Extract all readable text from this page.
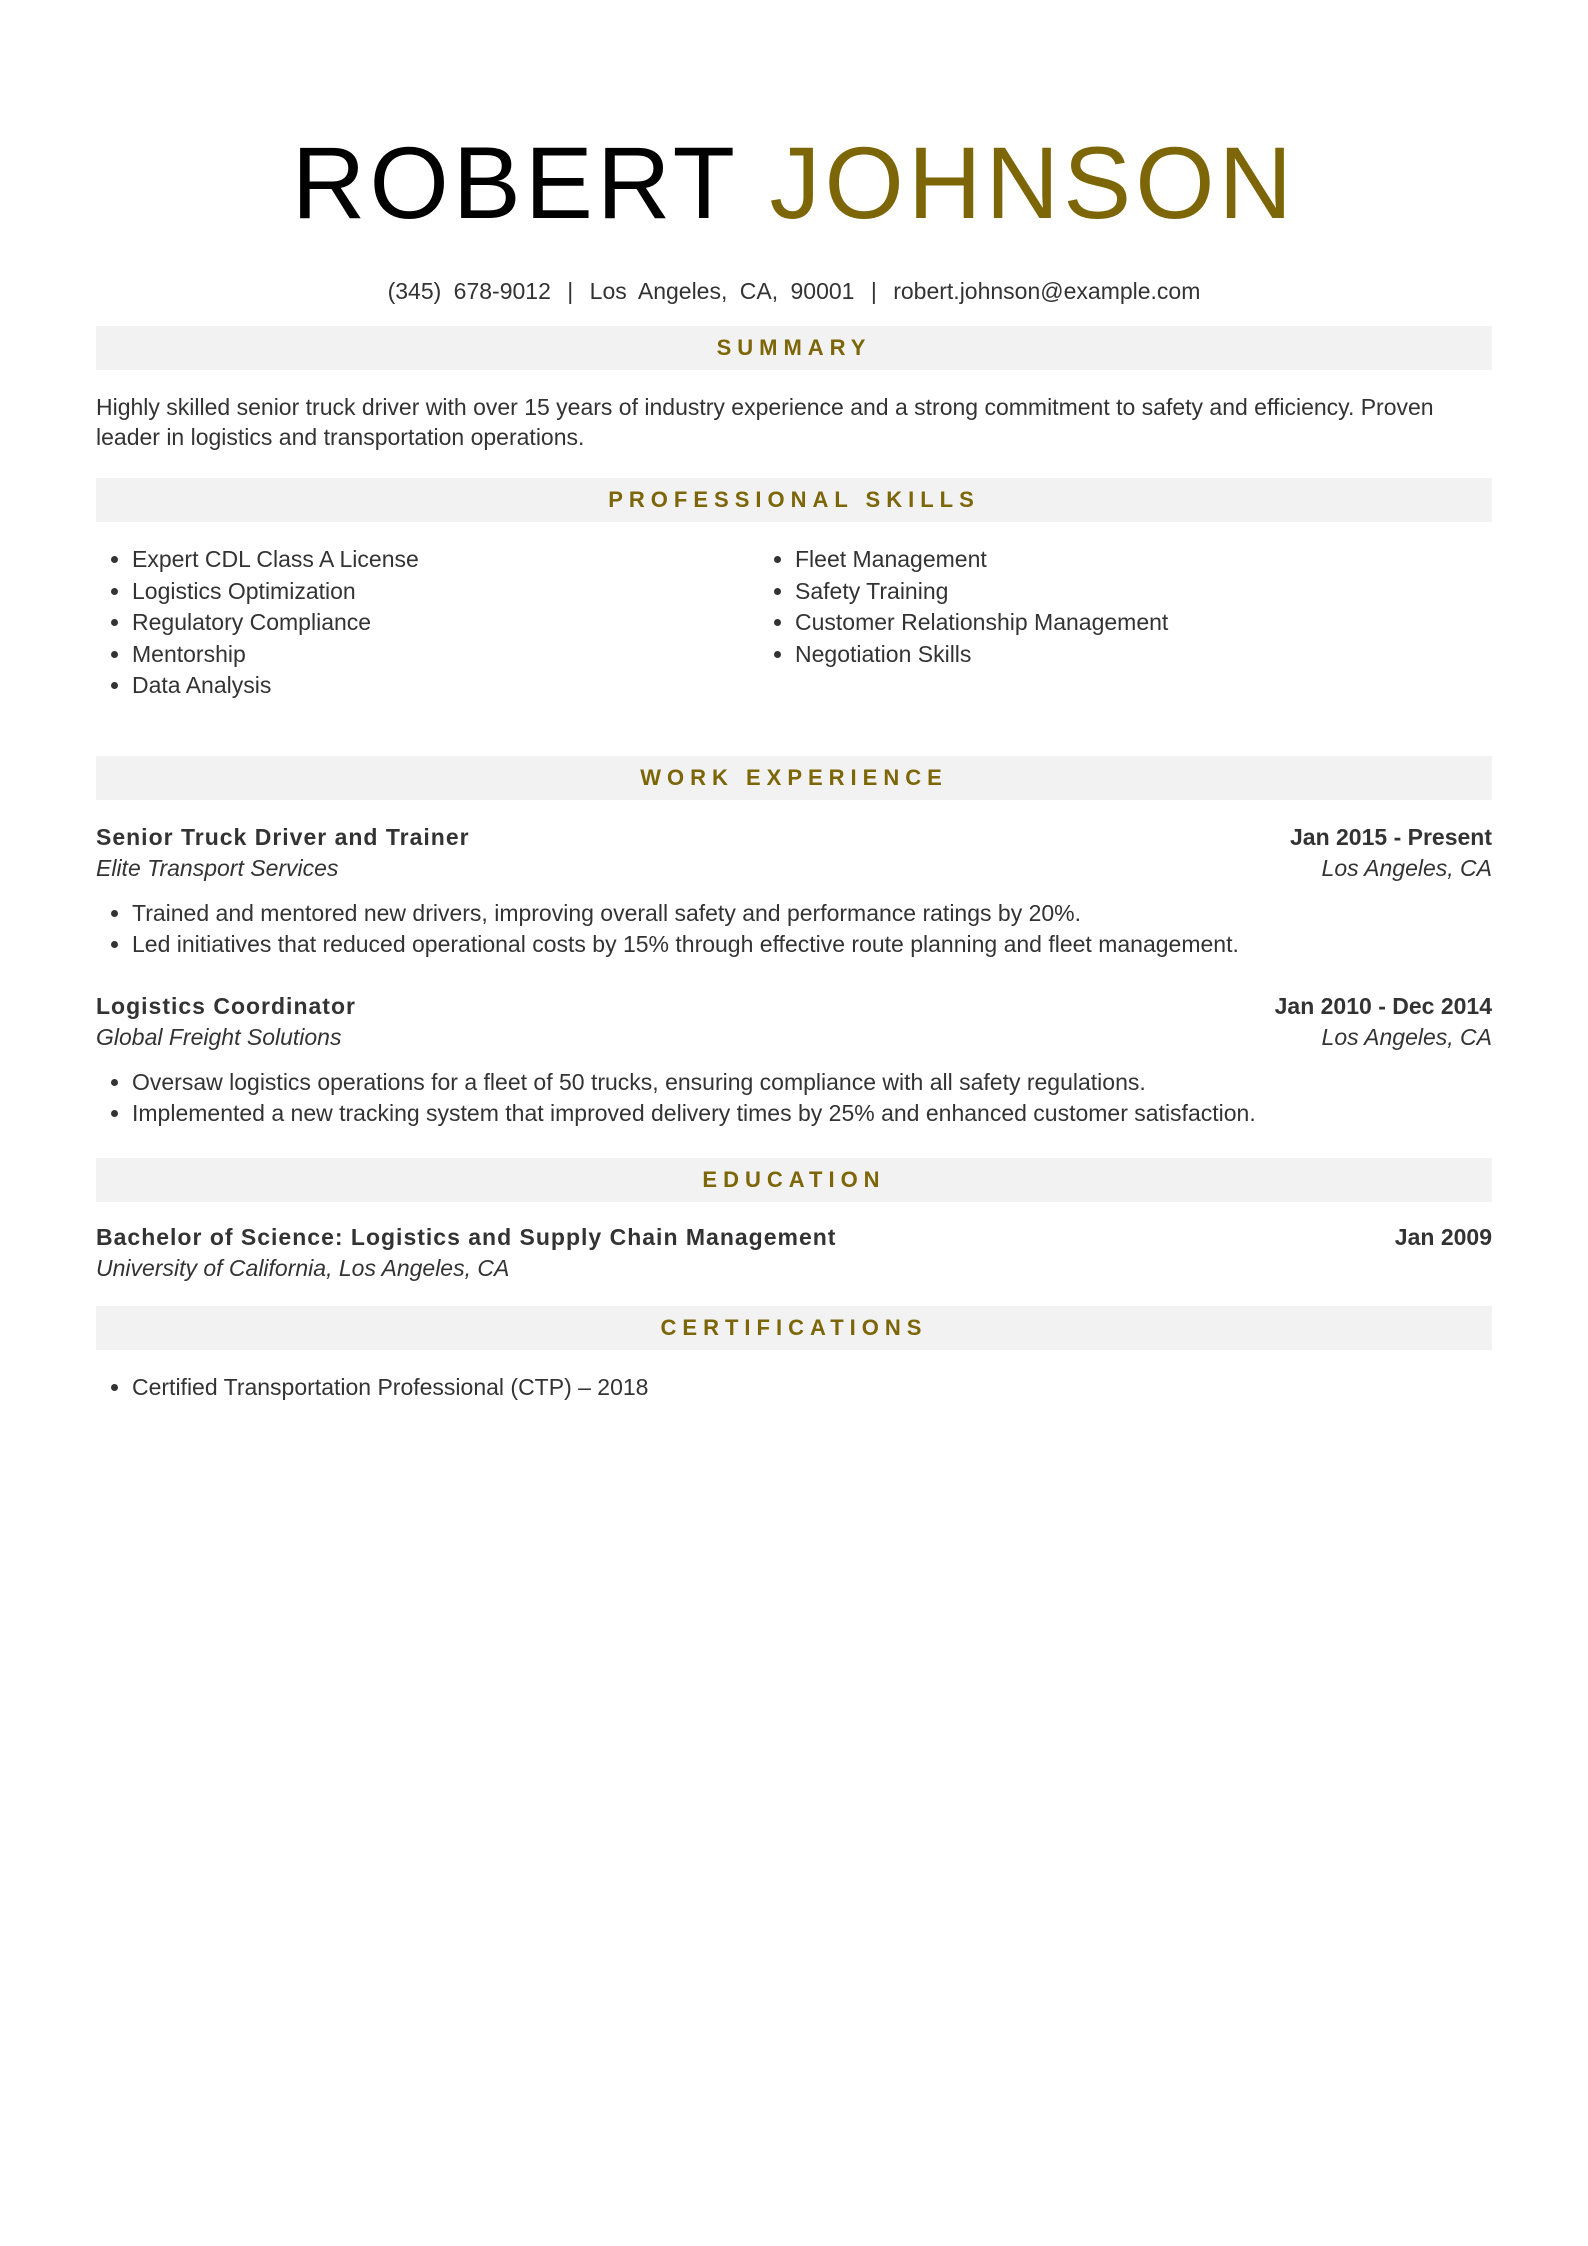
ROBERT JOHNSON
(345) 678-9012 | Los Angeles, CA, 90001 | robert.johnson@example.com
SUMMARY
Highly skilled senior truck driver with over 15 years of industry experience and a strong commitment to safety and efficiency. Proven leader in logistics and transportation operations.
PROFESSIONAL SKILLS
• Expert CDL Class A License
• Logistics Optimization
• Regulatory Compliance
• Mentorship
• Data Analysis
• Fleet Management
• Safety Training
• Customer Relationship Management
• Negotiation Skills
WORK EXPERIENCE
Senior Truck Driver and Trainer	Jan 2015 - Present
Elite Transport Services	Los Angeles, CA
• Trained and mentored new drivers, improving overall safety and performance ratings by 20%.
• Led initiatives that reduced operational costs by 15% through effective route planning and fleet management.
Logistics Coordinator	Jan 2010 - Dec 2014
Global Freight Solutions	Los Angeles, CA
• Oversaw logistics operations for a fleet of 50 trucks, ensuring compliance with all safety regulations.
• Implemented a new tracking system that improved delivery times by 25% and enhanced customer satisfaction.
EDUCATION
Bachelor of Science: Logistics and Supply Chain Management	Jan 2009
University of California, Los Angeles, CA
CERTIFICATIONS
• Certified Transportation Professional (CTP) – 2018
